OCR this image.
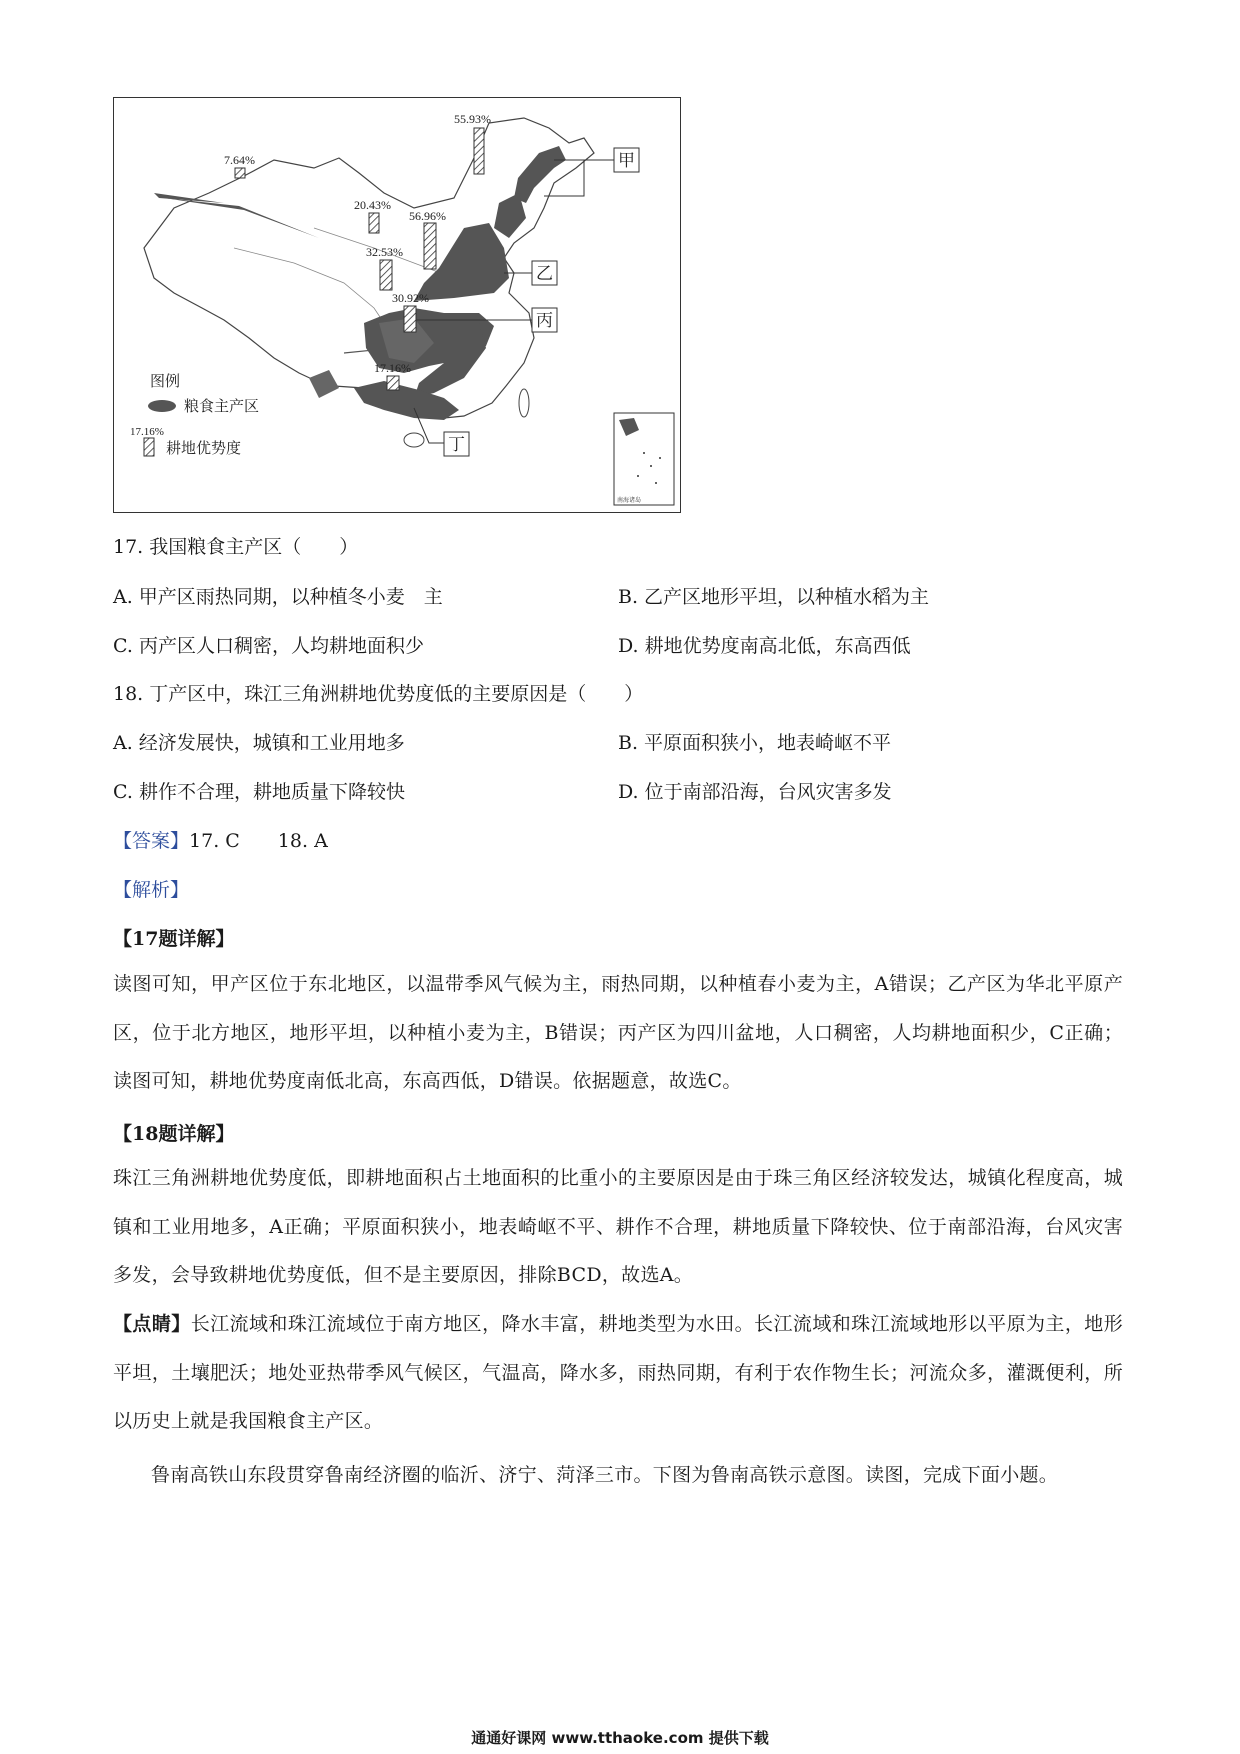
55.93%
7.64%
20.43%
56.96%
32.53%
30.92%
17.16%
甲
乙
丙
丁
图例
粮食主产区
17.16%
耕地优势度
南海诸岛
17. 我国粮食主产区（　　）
A. 甲产区雨热同期，以种植冬小麦　主	B. 乙产区地形平坦，以种植水稻为主
C. 丙产区人口稠密，人均耕地面积少	D. 耕地优势度南高北低，东高西低
18. 丁产区中，珠江三角洲耕地优势度低的主要原因是（　　）
A. 经济发展快，城镇和工业用地多	B. 平原面积狭小，地表崎岖不平
C. 耕作不合理，耕地质量下降较快	D. 位于南部沿海，台风灾害多发
【答案】17. C　　18. A
【解析】
【17题详解】
读图可知，甲产区位于东北地区，以温带季风气候为主，雨热同期，以种植春小麦为主，A错误；乙产区为华北平原产区，位于北方地区，地形平坦，以种植小麦为主，B错误；丙产区为四川盆地，人口稠密，人均耕地面积少，C正确；读图可知，耕地优势度南低北高，东高西低，D错误。依据题意，故选C。
【18题详解】
珠江三角洲耕地优势度低，即耕地面积占土地面积的比重小的主要原因是由于珠三角区经济较发达，城镇化程度高，城镇和工业用地多，A正确；平原面积狭小，地表崎岖不平、耕作不合理，耕地质量下降较快、位于南部沿海，台风灾害多发，会导致耕地优势度低，但不是主要原因，排除BCD，故选A。
【点睛】长江流域和珠江流域位于南方地区，降水丰富，耕地类型为水田。长江流域和珠江流域地形以平原为主，地形平坦，土壤肥沃；地处亚热带季风气候区，气温高，降水多，雨热同期，有利于农作物生长；河流众多，灌溉便利，所以历史上就是我国粮食主产区。
鲁南高铁山东段贯穿鲁南经济圈的临沂、济宁、菏泽三市。下图为鲁南高铁示意图。读图，完成下面小题。
通通好课网 www.tthaoke.com 提供下载
